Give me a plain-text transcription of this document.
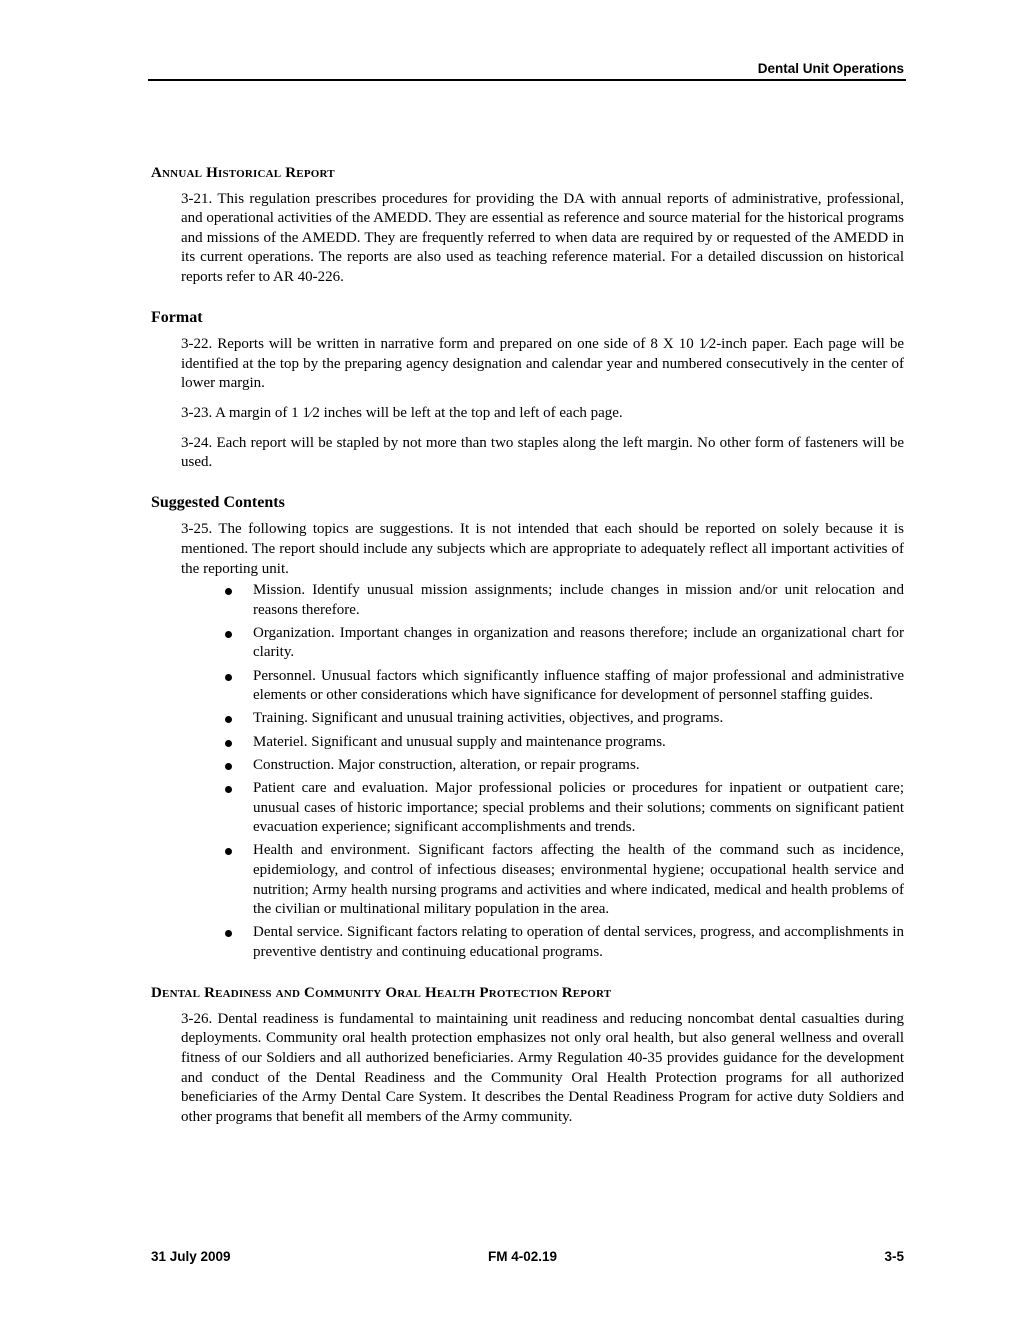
Dental Unit Operations
Annual Historical Report

3-21. This regulation prescribes procedures for providing the DA with annual reports of administrative, professional, and operational activities of the AMEDD. They are essential as reference and source material for the historical programs and missions of the AMEDD. They are frequently referred to when data are required by or requested of the AMEDD in its current operations. The reports are also used as teaching reference material. For a detailed discussion on historical reports refer to AR 40-226.

Format

3-22. Reports will be written in narrative form and prepared on one side of 8 X 10 1⁄2-inch paper. Each page will be identified at the top by the preparing agency designation and calendar year and numbered consecutively in the center of lower margin.

3-23. A margin of 1 1⁄2 inches will be left at the top and left of each page.

3-24. Each report will be stapled by not more than two staples along the left margin. No other form of fasteners will be used.

Suggested Contents

3-25. The following topics are suggestions. It is not intended that each should be reported on solely because it is mentioned. The report should include any subjects which are appropriate to adequately reflect all important activities of the reporting unit.

Mission. Identify unusual mission assignments; include changes in mission and/or unit relocation and reasons therefore.
Organization. Important changes in organization and reasons therefore; include an organizational chart for clarity.
Personnel. Unusual factors which significantly influence staffing of major professional and administrative elements or other considerations which have significance for development of personnel staffing guides.
Training. Significant and unusual training activities, objectives, and programs.
Materiel. Significant and unusual supply and maintenance programs.
Construction. Major construction, alteration, or repair programs.
Patient care and evaluation. Major professional policies or procedures for inpatient or outpatient care; unusual cases of historic importance; special problems and their solutions; comments on significant patient evacuation experience; significant accomplishments and trends.
Health and environment. Significant factors affecting the health of the command such as incidence, epidemiology, and control of infectious diseases; environmental hygiene; occupational health service and nutrition; Army health nursing programs and activities and where indicated, medical and health problems of the civilian or multinational military population in the area.
Dental service. Significant factors relating to operation of dental services, progress, and accomplishments in preventive dentistry and continuing educational programs.
Dental Readiness and Community Oral Health Protection Report

3-26. Dental readiness is fundamental to maintaining unit readiness and reducing noncombat dental casualties during deployments. Community oral health protection emphasizes not only oral health, but also general wellness and overall fitness of our Soldiers and all authorized beneficiaries. Army Regulation 40-35 provides guidance for the development and conduct of the Dental Readiness and the Community Oral Health Protection programs for all authorized beneficiaries of the Army Dental Care System. It describes the Dental Readiness Program for active duty Soldiers and other programs that benefit all members of the Army community.

31 July 2009	FM 4-02.19	3-5
